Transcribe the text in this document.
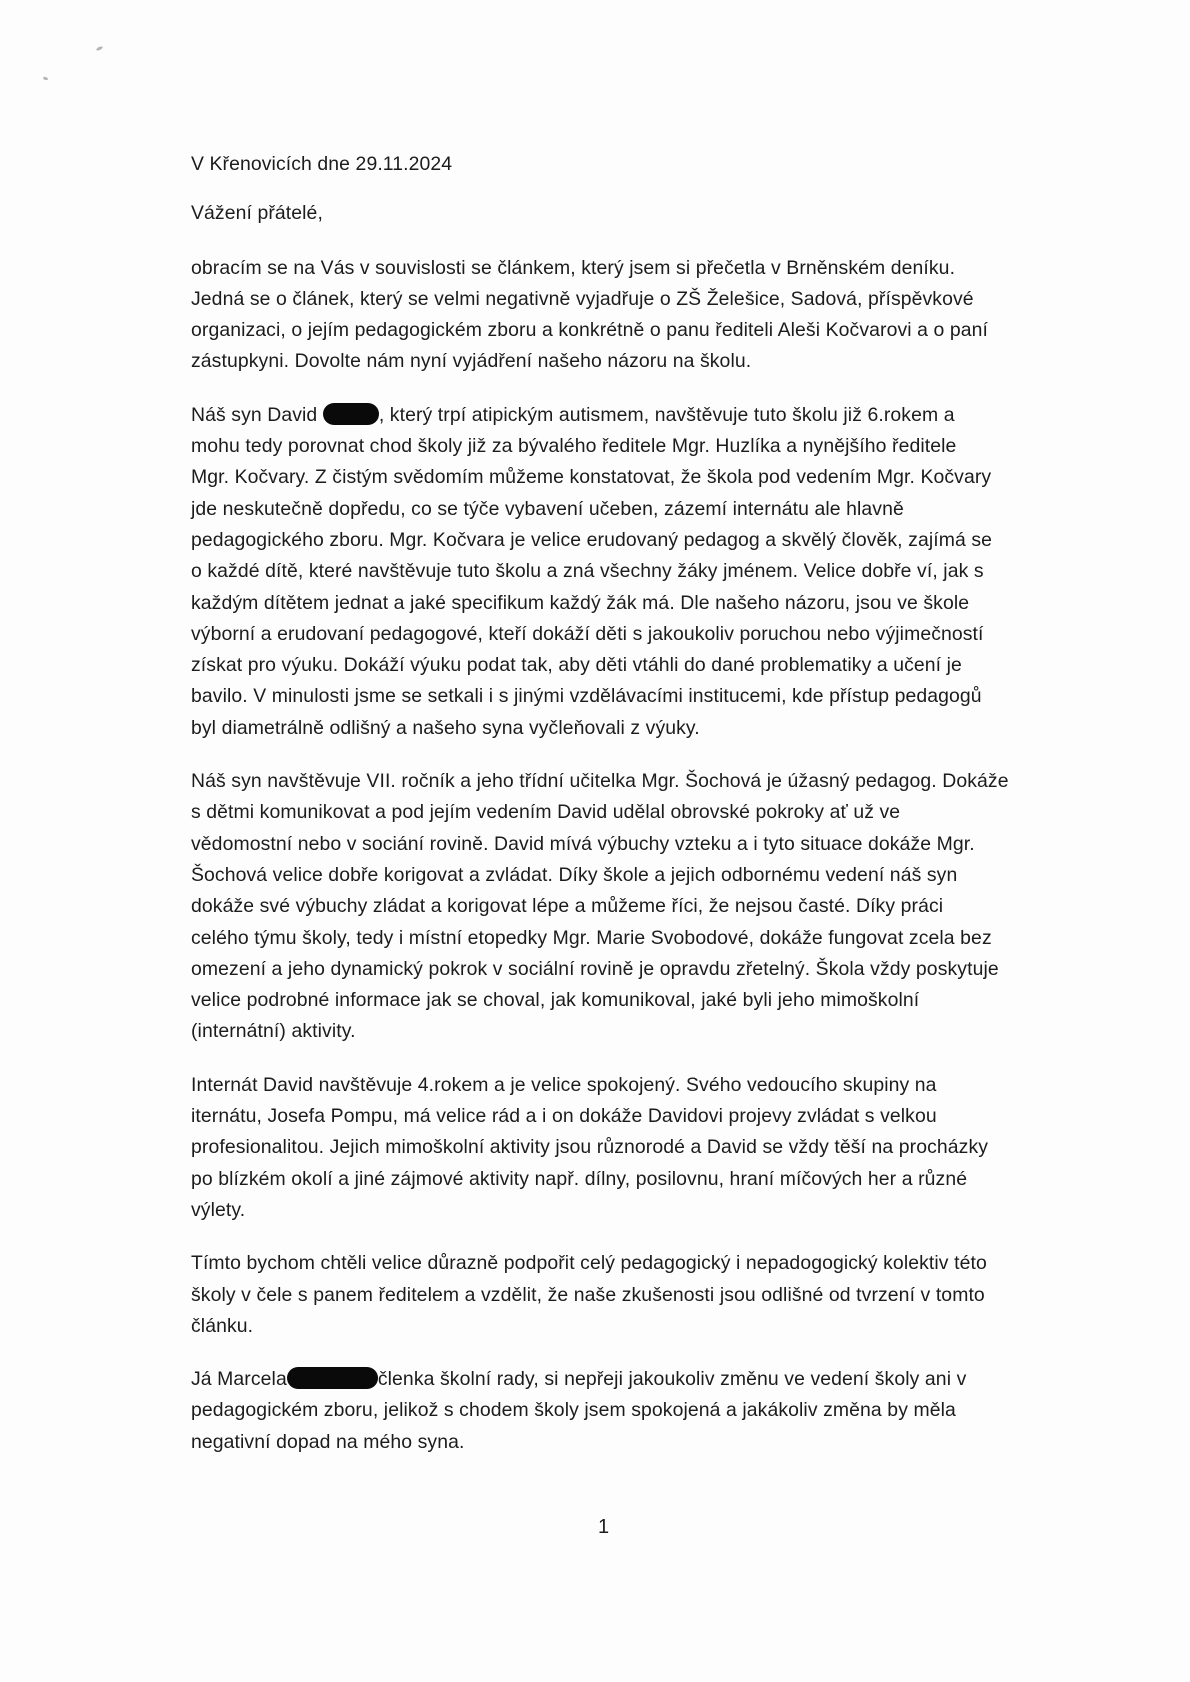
V Křenovicích dne 29.11.2024
Vážení přátelé,
obracím se na Vás v souvislosti se článkem, který jsem si přečetla v Brněnském deníku.
Jedná se o článek, který se velmi negativně vyjadřuje o ZŠ Želešice, Sadová, příspěvkové
organizaci, o jejím pedagogickém zboru a konkrétně o panu řediteli Aleši Kočvarovi a o paní
zástupkyni. Dovolte nám nyní vyjádření našeho názoru na školu.
Náš syn David	, který trpí atipickým autismem, navštěvuje tuto školu již 6.rokem a
mohu tedy porovnat chod školy již za bývalého ředitele Mgr. Huzlíka a nynějšího ředitele
Mgr. Kočvary. Z čistým svědomím můžeme konstatovat, že škola pod vedením Mgr. Kočvary
jde neskutečně dopředu, co se týče vybavení učeben, zázemí internátu ale hlavně
pedagogického zboru. Mgr. Kočvara je velice erudovaný pedagog a skvělý člověk, zajímá se
o každé dítě, které navštěvuje tuto školu a zná všechny žáky jménem. Velice dobře ví, jak s
každým dítětem jednat a jaké specifikum každý žák má. Dle našeho názoru, jsou ve škole
výborní a erudovaní pedagogové, kteří dokáží děti s jakoukoliv poruchou nebo výjimečností
získat pro výuku. Dokáží výuku podat tak, aby děti vtáhli do dané problematiky a učení je
bavilo. V minulosti jsme se setkali i s jinými vzdělávacími institucemi, kde přístup pedagogů
byl diametrálně odlišný a našeho syna vyčleňovali z výuky.
Náš syn navštěvuje VII. ročník a jeho třídní učitelka Mgr. Šochová je úžasný pedagog. Dokáže
s dětmi komunikovat a pod jejím vedením David udělal obrovské pokroky ať už ve
vědomostní nebo v sociání rovině. David mívá výbuchy vzteku a i tyto situace dokáže Mgr.
Šochová velice dobře korigovat a zvládat. Díky škole a jejich odbornému vedení náš syn
dokáže své výbuchy zládat a korigovat lépe a můžeme říci, že nejsou časté. Díky práci
celého týmu školy, tedy i místní etopedky Mgr. Marie Svobodové, dokáže fungovat zcela bez
omezení a jeho dynamický pokrok v sociální rovině je opravdu zřetelný. Škola vždy poskytuje
velice podrobné informace jak se choval, jak komunikoval, jaké byli jeho mimoškolní
(internátní) aktivity.
Internát David navštěvuje 4.rokem a je velice spokojený. Svého vedoucího skupiny na
iternátu, Josefa Pompu, má velice rád a i on dokáže Davidovi projevy zvládat s velkou
profesionalitou. Jejich mimoškolní aktivity jsou různorodé a David se vždy těší na procházky
po blízkém okolí a jiné zájmové aktivity např. dílny, posilovnu, hraní míčových her a různé
výlety.
Tímto bychom chtěli velice důrazně podpořit celý pedagogický i nepadogogický kolektiv této
školy v čele s panem ředitelem a vzdělit, že naše zkušenosti jsou odlišné od tvrzení v tomto
článku.
Já Marcela	členka školní rady, si nepřeji jakoukoliv změnu ve vedení školy ani v
pedagogickém zboru, jelikož s chodem školy jsem spokojená a jakákoliv změna by měla
negativní dopad na mého syna.
1
